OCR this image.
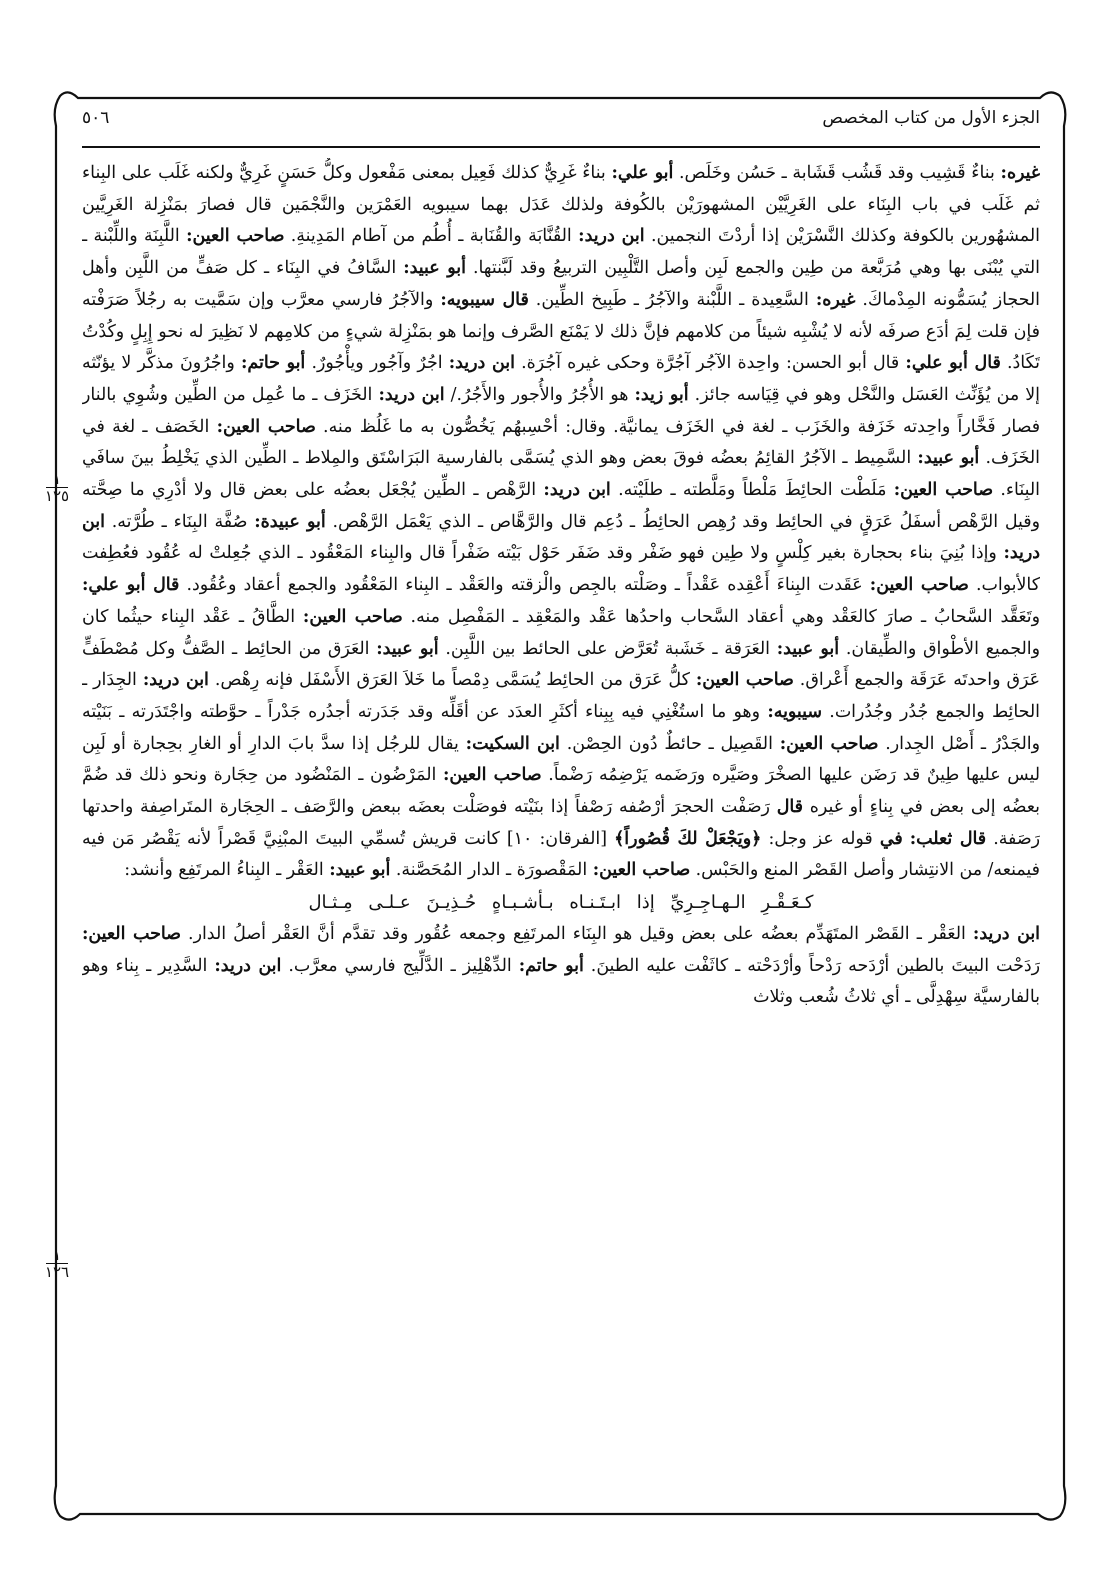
الجزء الأول من كتاب المخصص
٥٠٦
١
١٢٥
١
١٢٦

غيره: بناءٌ قَشِيب وقد قَشُب قَشَابة ـ حَسُن وخَلَص. أبو علي: بناءٌ غَرِيٌّ كذلك فَعِيل بمعنى مَفْعول وكلُّ حَسَنٍ غَرِيٌّ ولكنه غَلَب على البِناء ثم غَلَب في باب البِنَاء على الغَرِيَّيْن المشهورَيْن بالكُوفة ولذلك عَدَل بهما سيبويه العَمْرَين والنَّجْمَين قال فصارَ بمَنْزِلة الغَرِيَّين المشهُورين بالكوفة وكذلك النَّسْرَيْن إذا أردْتَ النجمين. ابن دريد: القُنَّابَة والقُنَابة ـ أُطُم من آطام المَدِينةِ. صاحب العين: اللَّبِنَة واللِّبْنة ـ التي يُبْنَى بها وهي مُرَبَّعة من طِين والجمع لَبِن وأصل التَّلْبِين التربيعُ وقد لَبَّنتها. أبو عبيد: السَّافُ في البِنَاء ـ كل صَفٍّ من اللَّبِن وأهل الحجاز يُسَمُّونه المِدْماكَ. غيره: السَّعِيدة ـ اللَّبْنة والآجُرُ ـ طَبِيخ الطِّين. قال سيبويه: والآجُرُ فارسي معرَّب وإن سَمَّيت به رجُلاً صَرَفْته فإن قلت لِمَ أدَع صرفَه لأنه لا يُشْبِه شيئاً من كلامهم فإنَّ ذلك لا يَمْنَع الصَّرف وإنما هو بمَنْزِلة شيءٍ من كلامِهم لا نَظِيرَ له نحو إِبِلٍ وكُدْتُ تَكَادُ. قال أبو علي: قال أبو الحسن: واحِدة الآجُر آجُرَّة وحكى غيره آجُرَة. ابن دريد: اجُرٌ وآجُور ويأْجُورٌ. أبو حاتم: واجُرُونَ مذكَّر لا يؤنّثه إلا من يُؤَنِّث العَسَل والنَّحْل وهو في قِيَاسه جائز. أبو زيد: هو الأُجُرُ والأُجور والأَجُرُ./ ابن دريد: الخَزَف ـ ما عُمِل من الطِّين وشُوِي بالنار فصار فَخَّاراً واحِدته خَزَفة والخَزَب ـ لغة في الخَزَف يمانيَّة. وقال: أحْسِبهُم يَخُصُّون به ما غَلُظ منه. صاحب العين: الخَصَف ـ لغة في الخَزَف. أبو عبيد: السَّمِيط ـ الآجُرُ القائِمُ بعضُه فوقَ بعض وهو الذي يُسَمَّى بالفارسية البَرَاسْتَق والمِلاط ـ الطِّين الذي يَخْلِطُ بينَ سافَي البِنَاء. صاحب العين: مَلَطْت الحائِطَ مَلْطاً ومَلَّطته ـ طلَيْته. ابن دريد: الرَّهْص ـ الطِّين يُجْعَل بعضُه على بعض قال ولا أدْرِي ما صِحَّته وقيل الرَّهْص أسفَلُ عَرَقٍ في الحائِط وقد رُهِص الحائِطُ ـ دُعِم قال والرَّهَّاص ـ الذي يَعْمَل الرَّهْص. أبو عبيدة: صُفَّة البِنَاء ـ طُرَّته. ابن دريد: وإذا بُنِيَ بناء بحجارة بغير كِلْسٍ ولا طِين فهو ضَفْر وقد ضَفَر حَوْل بَيْته ضَفْراً قال والبِناء المَعْقُود ـ الذي جُعِلتْ له عُقُود فعُطِفت كالأبواب. صاحب العين: عَقَدت البِناءَ أَعْقِده عَقْداً ـ وصَلْته بالجِص والْزقته والعَقْد ـ البِناء المَعْقُود والجمع أعقاد وعُقُود. قال أبو علي: وتَعَقَّد السَّحابُ ـ صارَ كالعَقْد وهي أعقاد السَّحاب واحدُها عَقْد والمَعْقِد ـ المَفْصِل منه. صاحب العين: الطَّاقُ ـ عَقْد البِناء حيثُما كان والجميع الأطْواق والطِّيقان. أبو عبيد: العَرَقة ـ خَشَبة تُعَرَّض على الحائط بين اللَّبِن. أبو عبيد: العَرَق من الحائِط ـ الصَّفُّ وكل مُصْطَفٍّ عَرَق واحدتَه عَرَقَة والجمع أَعْراق. صاحب العين: كلُّ عَرَق من الحائِط يُسَمَّى دِمْصاً ما خَلاَ العَرَق الأَسْفَل فإنه رِهْص. ابن دريد: الجِدَار ـ الحائِط والجمع جُدُر وجُدُرات. سيبويه: وهو ما استُغْنِي فيه بِبِناء أكثَرِ العدَد عن أقَلِّه وقد جَدَرته أجدُره جَدْراً ـ حوَّطته واجْتَدَرته ـ بَنَيْته والجَدْرُ ـ أَصْل الجِدار. صاحب العين: القَصِيل ـ حائطٌ دُون الحِصْن. ابن السكيت: يقال للرجُل إذا سدَّ بابَ الدارِ أو الغارِ بحِجارة أو لَبِن ليس عليها طِينٌ قد رَضَن عليها الصخْرَ وصَيَّره ورَضَمه يَرْضِمُه رَضْماً. صاحب العين: المَرْضُون ـ المَنْضُود من حِجَارة ونحو ذلك قد ضُمَّ بعضُه إلى بعض في بِناءٍ أو غيره قال رَصَفْت الحجرَ أرْصُفه رَصْفاً إذا بنَيْته فوصَلْت بعضَه ببعض والرَّصَف ـ الحِجَارة المتَراصِفة واحدتها رَصَفة. قال ثعلب: في قوله عز وجل: ﴿ويَجْعَلْ لكَ قُصُوراً﴾ [الفرقان: ١٠] كانت قريش تُسمِّي البيتَ المبْنِيَّ قَصْراً لأنه يَقْصُر مَن فيه فيمنعه/ من الانتِشار وأصل القَصْر المنع والحَبْس. صاحب العين: المَقْصورَة ـ الدار المُحَصَّنة. أبو عبيد: العَقْر ـ البِناءُ المرتَفِع وأنشد:

كـعَـقْـرِ الـهـاجِـرِيِّ إذا ابـتَـنـاه بـأشـبـاهٍ حُـذِيـنَ عـلـى مِـثـال

ابن دريد: العَقْر ـ القَصْر المتَهَدِّم بعضُه على بعض وقيل هو البِنَاء المرتَفِع وجمعه عُقُور وقد تقدَّم أنَّ العَقْر أصلُ الدار. صاحب العين: رَدَحْت البيتَ بالطين أرْدَحه رَدْحاً وأرْدَحْته ـ كاثَفْت عليه الطينَ. أبو حاتم: الدِّهْلِيز ـ الدَّلِّيج فارسي معرَّب. ابن دريد: السَّدِير ـ بِناء وهو بالفارسيَّة سِهْدِلَّى ـ أي ثلاثُ شُعب وثلاث
